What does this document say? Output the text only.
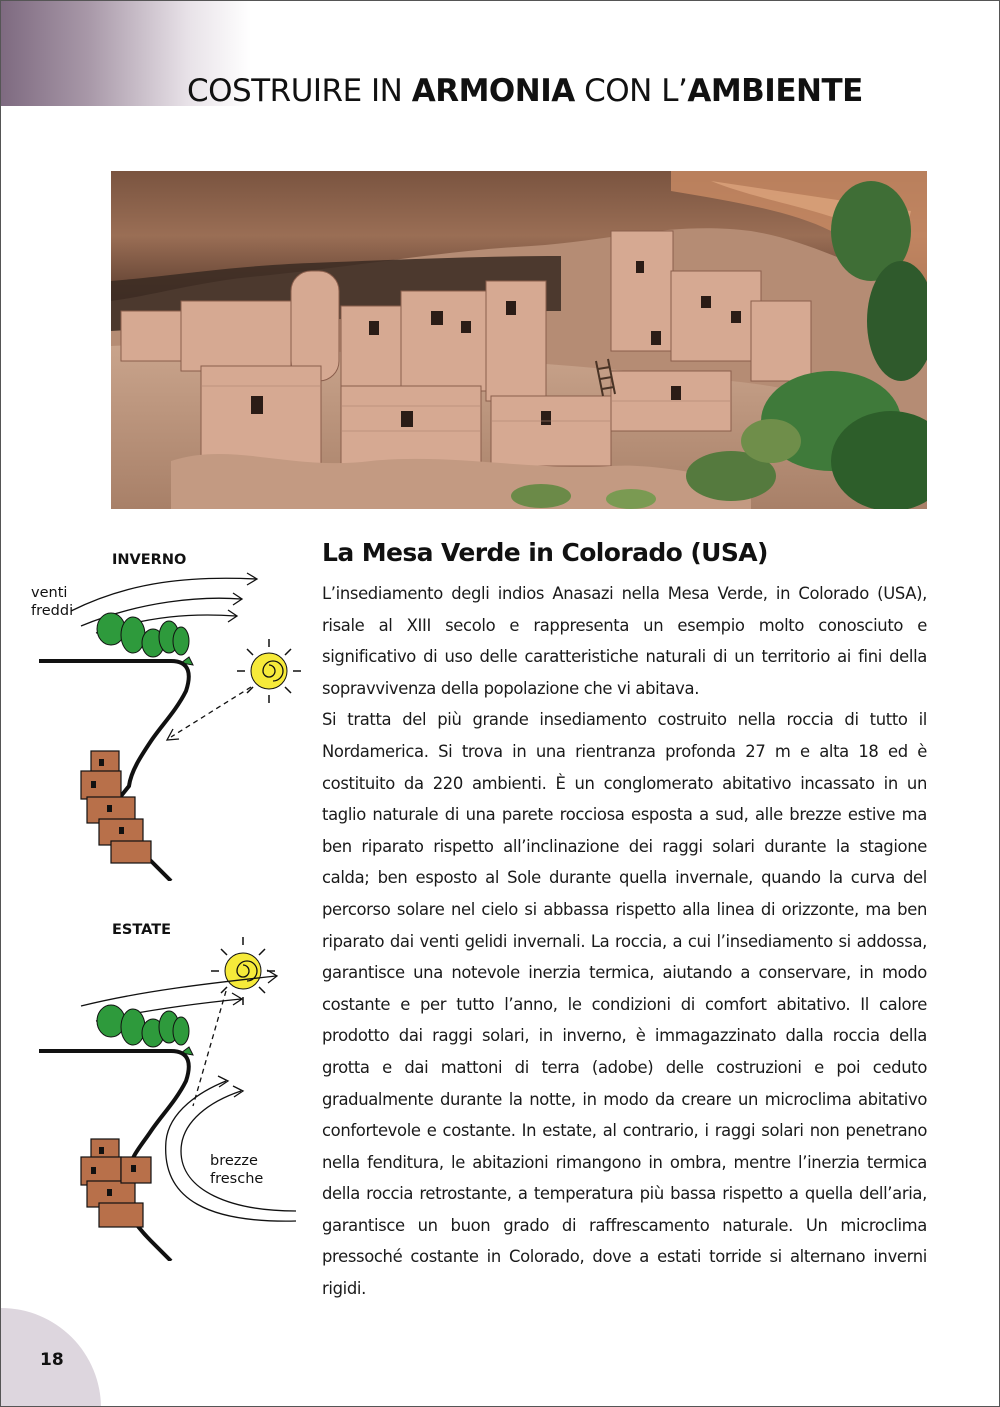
COSTRUIRE IN ARMONIA CON L’AMBIENTE
INVERNO
venti
freddi
ESTATE
brezze
fresche
La Mesa Verde in Colorado (USA)

L’insediamento degli indios Anasazi nella Mesa Verde, in Colorado (USA), risale al XIII secolo e rappresenta un esempio molto conosciuto e significativo di uso delle caratteristiche naturali di un territorio ai fini della sopravvivenza della popolazione che vi abitava.

Si tratta del più grande insediamento costruito nella roccia di tutto il Nordamerica. Si trova in una rientranza profonda 27 m e alta 18 ed è costituito da 220 ambienti. È un conglomerato abitativo incassato in un taglio naturale di una parete rocciosa esposta a sud, alle brezze estive ma ben riparato rispetto all’inclinazione dei raggi solari durante la stagione calda; ben esposto al Sole durante quella invernale, quando la curva del percorso solare nel cielo si abbassa rispetto alla linea di orizzonte, ma ben riparato dai venti gelidi invernali. La roccia, a cui l’insediamento si addossa, garantisce una notevole inerzia termica, aiutando a conservare, in modo costante e per tutto l’anno, le condizioni di comfort abitativo. Il calore prodotto dai raggi solari, in inverno, è immagazzinato dalla roccia della grotta e dai mattoni di terra (adobe) delle costruzioni e poi ceduto gradualmente durante la notte, in modo da creare un microclima abitativo confortevole e costante. In estate, al contrario, i raggi solari non penetrano nella fenditura, le abitazioni rimangono in ombra, mentre l’inerzia termica della roccia retrostante, a temperatura più bassa rispetto a quella dell’aria, garantisce un buon grado di raffrescamento naturale. Un microclima pressoché costante in Colorado, dove a estati torride si alternano inverni rigidi.

18
